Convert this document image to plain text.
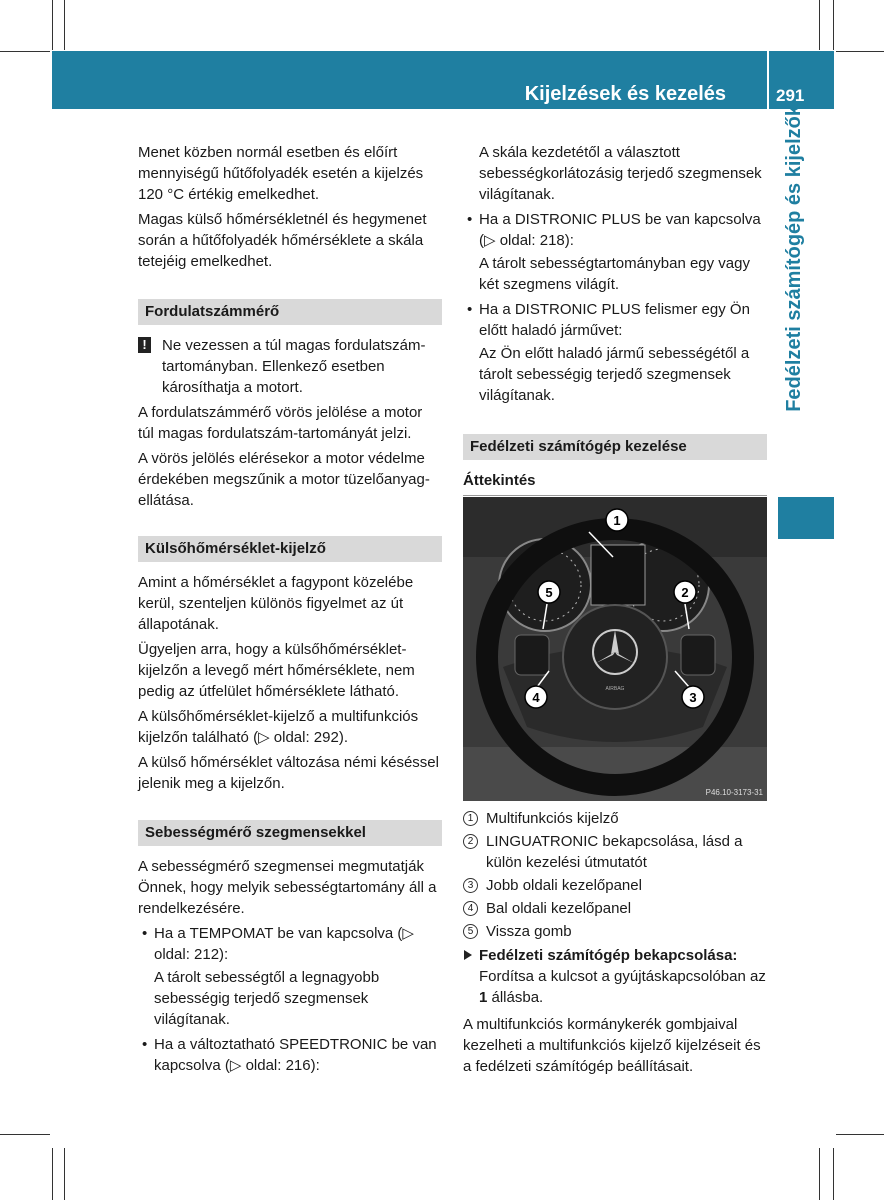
Kijelzések és kezelés	291
Fedélzeti számítógép és kijelzők

Menet közben normál esetben és előírt mennyiségű hűtőfolyadék esetén a kijelzés 120 °C értékig emelkedhet.

Magas külső hőmérsékletnél és hegymenet során a hűtőfolyadék hőmérséklete a skála tetejéig emelkedhet.

Fordulatszámmérő
! Ne vezessen a túl magas fordulatszám-tartományban. Ellenkező esetben károsíthatja a motort.

A fordulatszámmérő vörös jelölése a motor túl magas fordulatszám-tartományát jelzi.

A vörös jelölés elérésekor a motor védelme érdekében megszűnik a motor tüzelőanyag-ellátása.

Külsőhőmérséklet-kijelző

Amint a hőmérséklet a fagypont közelébe kerül, szenteljen különös figyelmet az út állapotának.

Ügyeljen arra, hogy a külsőhőmérséklet-kijelzőn a levegő mért hőmérséklete, nem pedig az útfelület hőmérséklete látható.

A külsőhőmérséklet-kijelző a multifunkciós kijelzőn található (▷ oldal: 292).

A külső hőmérséklet változása némi késéssel jelenik meg a kijelzőn.

Sebességmérő szegmensekkel

A sebességmérő szegmensei megmutatják Önnek, hogy melyik sebességtartomány áll a rendelkezésére.

• Ha a TEMPOMAT be van kapcsolva (▷ oldal: 212):
A tárolt sebességtől a legnagyobb sebességig terjedő szegmensek világítanak.
• Ha a változtatható SPEEDTRONIC be van kapcsolva (▷ oldal: 216):
A skála kezdetétől a választott sebességkorlátozásig terjedő szegmensek világítanak.
• Ha a DISTRONIC PLUS be van kapcsolva (▷ oldal: 218):
A tárolt sebességtartományban egy vagy két szegmens világít.
• Ha a DISTRONIC PLUS felismer egy Ön előtt haladó járművet:
Az Ön előtt haladó jármű sebességétől a tárolt sebességig terjedő szegmensek világítanak.
Fedélzeti számítógép kezelése
Áttekintés
AIRBAG
1
2
3
4
5
P46.10-3173-31
1 Multifunkciós kijelző
2 LINGUATRONIC bekapcsolása, lásd a külön kezelési útmutatót
3 Jobb oldali kezelőpanel
4 Bal oldali kezelőpanel
5 Vissza gomb
Fedélzeti számítógép bekapcsolása:
Fordítsa a kulcsot a gyújtáskapcsolóban az 1 állásba.

A multifunkciós kormánykerék gombjaival kezelheti a multifunkciós kijelző kijelzéseit és a fedélzeti számítógép beállításait.
